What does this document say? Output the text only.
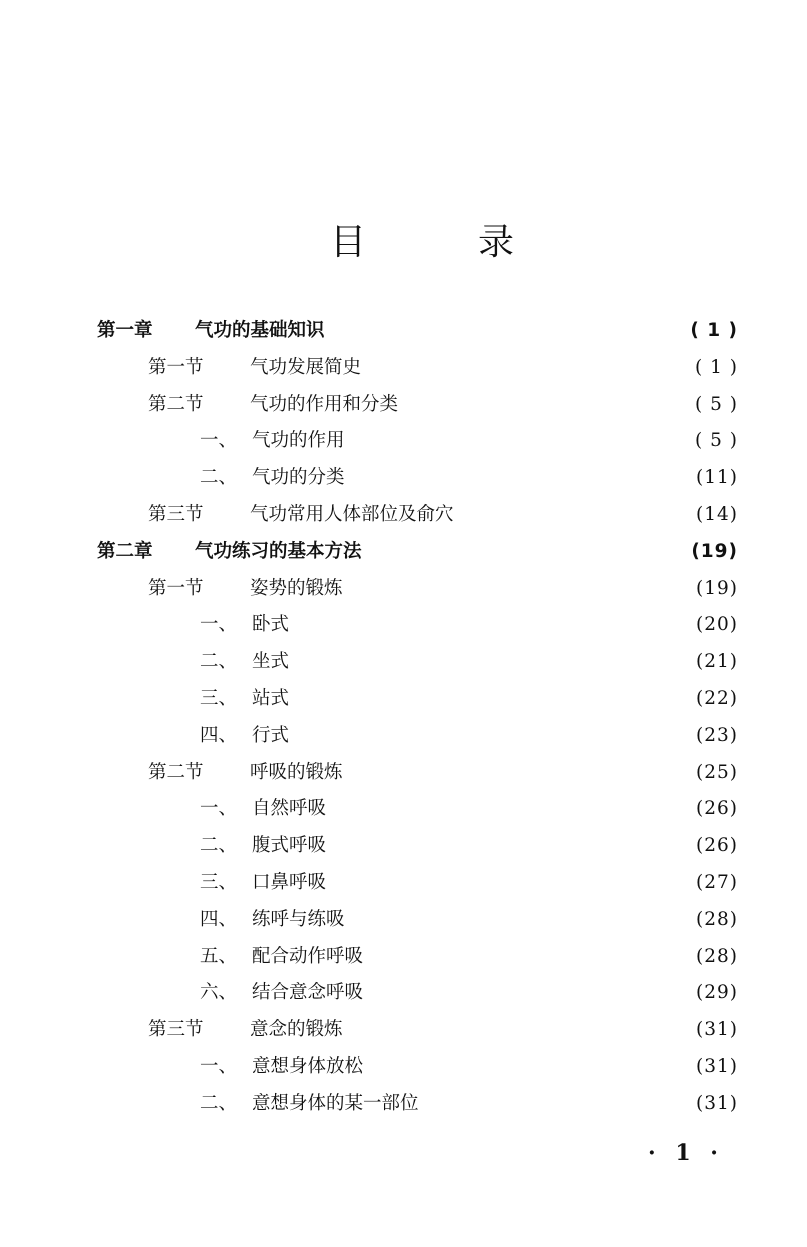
目	录
第一章	气功的基础知识	( 1 )
第一节	气功发展简史	( 1 )
第二节	气功的作用和分类	( 5 )
一、 气功的作用	( 5 )
二、 气功的分类	(11)
第三节	气功常用人体部位及俞穴	(14)
第二章	气功练习的基本方法	(19)
第一节	姿势的锻炼	(19)
一、 卧式	(20)
二、 坐式	(21)
三、 站式	(22)
四、 行式	(23)
第二节	呼吸的锻炼	(25)
一、 自然呼吸	(26)
二、 腹式呼吸	(26)
三、 口鼻呼吸	(27)
四、 练呼与练吸	(28)
五、 配合动作呼吸	(28)
六、 结合意念呼吸	(29)
第三节	意念的锻炼	(31)
一、 意想身体放松	(31)
二、 意想身体的某一部位	(31)
· 1 ·
